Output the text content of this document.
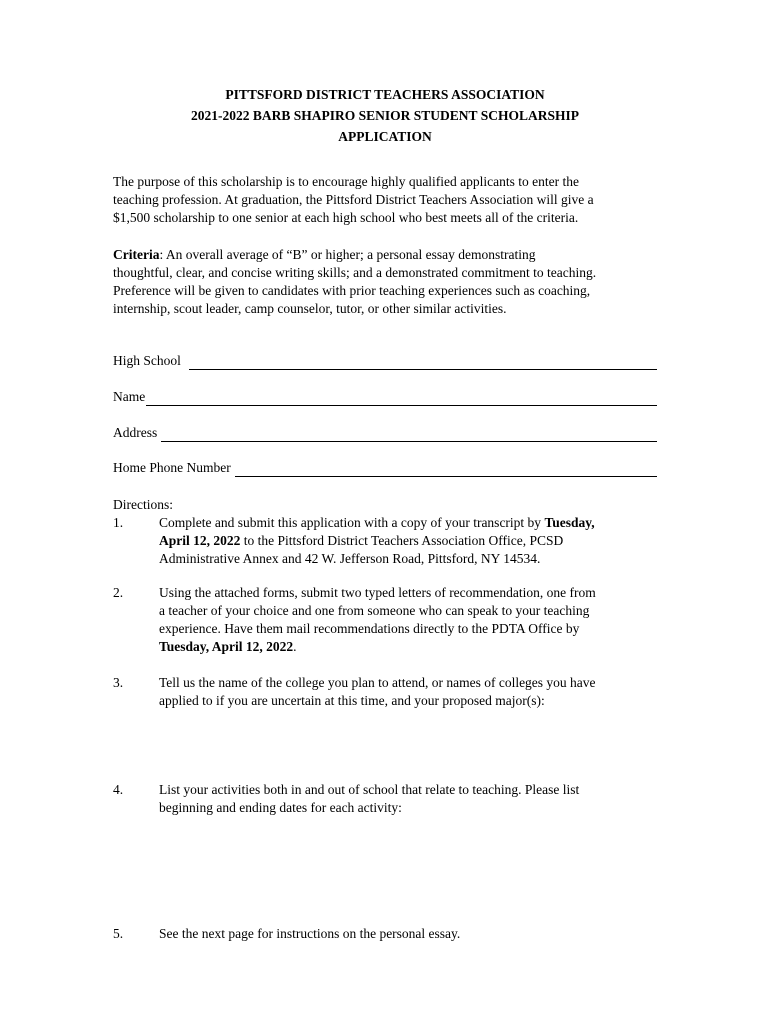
PITTSFORD DISTRICT TEACHERS ASSOCIATION
2021-2022 BARB SHAPIRO SENIOR STUDENT SCHOLARSHIP
APPLICATION
The purpose of this scholarship is to encourage highly qualified applicants to enter the
teaching profession. At graduation, the Pittsford District Teachers Association will give a
$1,500 scholarship to one senior at each high school who best meets all of the criteria.
Criteria: An overall average of “B” or higher; a personal essay demonstrating
thoughtful, clear, and concise writing skills; and a demonstrated commitment to teaching.
Preference will be given to candidates with prior teaching experiences such as coaching,
internship, scout leader, camp counselor, tutor, or other similar activities.
High School
Name
Address
Home Phone Number
Directions:
1.	Complete and submit this application with a copy of your transcript by Tuesday,
April 12, 2022 to the Pittsford District Teachers Association Office, PCSD
Administrative Annex and 42 W. Jefferson Road, Pittsford, NY 14534.
2.	Using the attached forms, submit two typed letters of recommendation, one from
a teacher of your choice and one from someone who can speak to your teaching
experience. Have them mail recommendations directly to the PDTA Office by
Tuesday, April 12, 2022.
3.	Tell us the name of the college you plan to attend, or names of colleges you have
applied to if you are uncertain at this time, and your proposed major(s):
4.	List your activities both in and out of school that relate to teaching. Please list
beginning and ending dates for each activity:
5.	See the next page for instructions on the personal essay.
